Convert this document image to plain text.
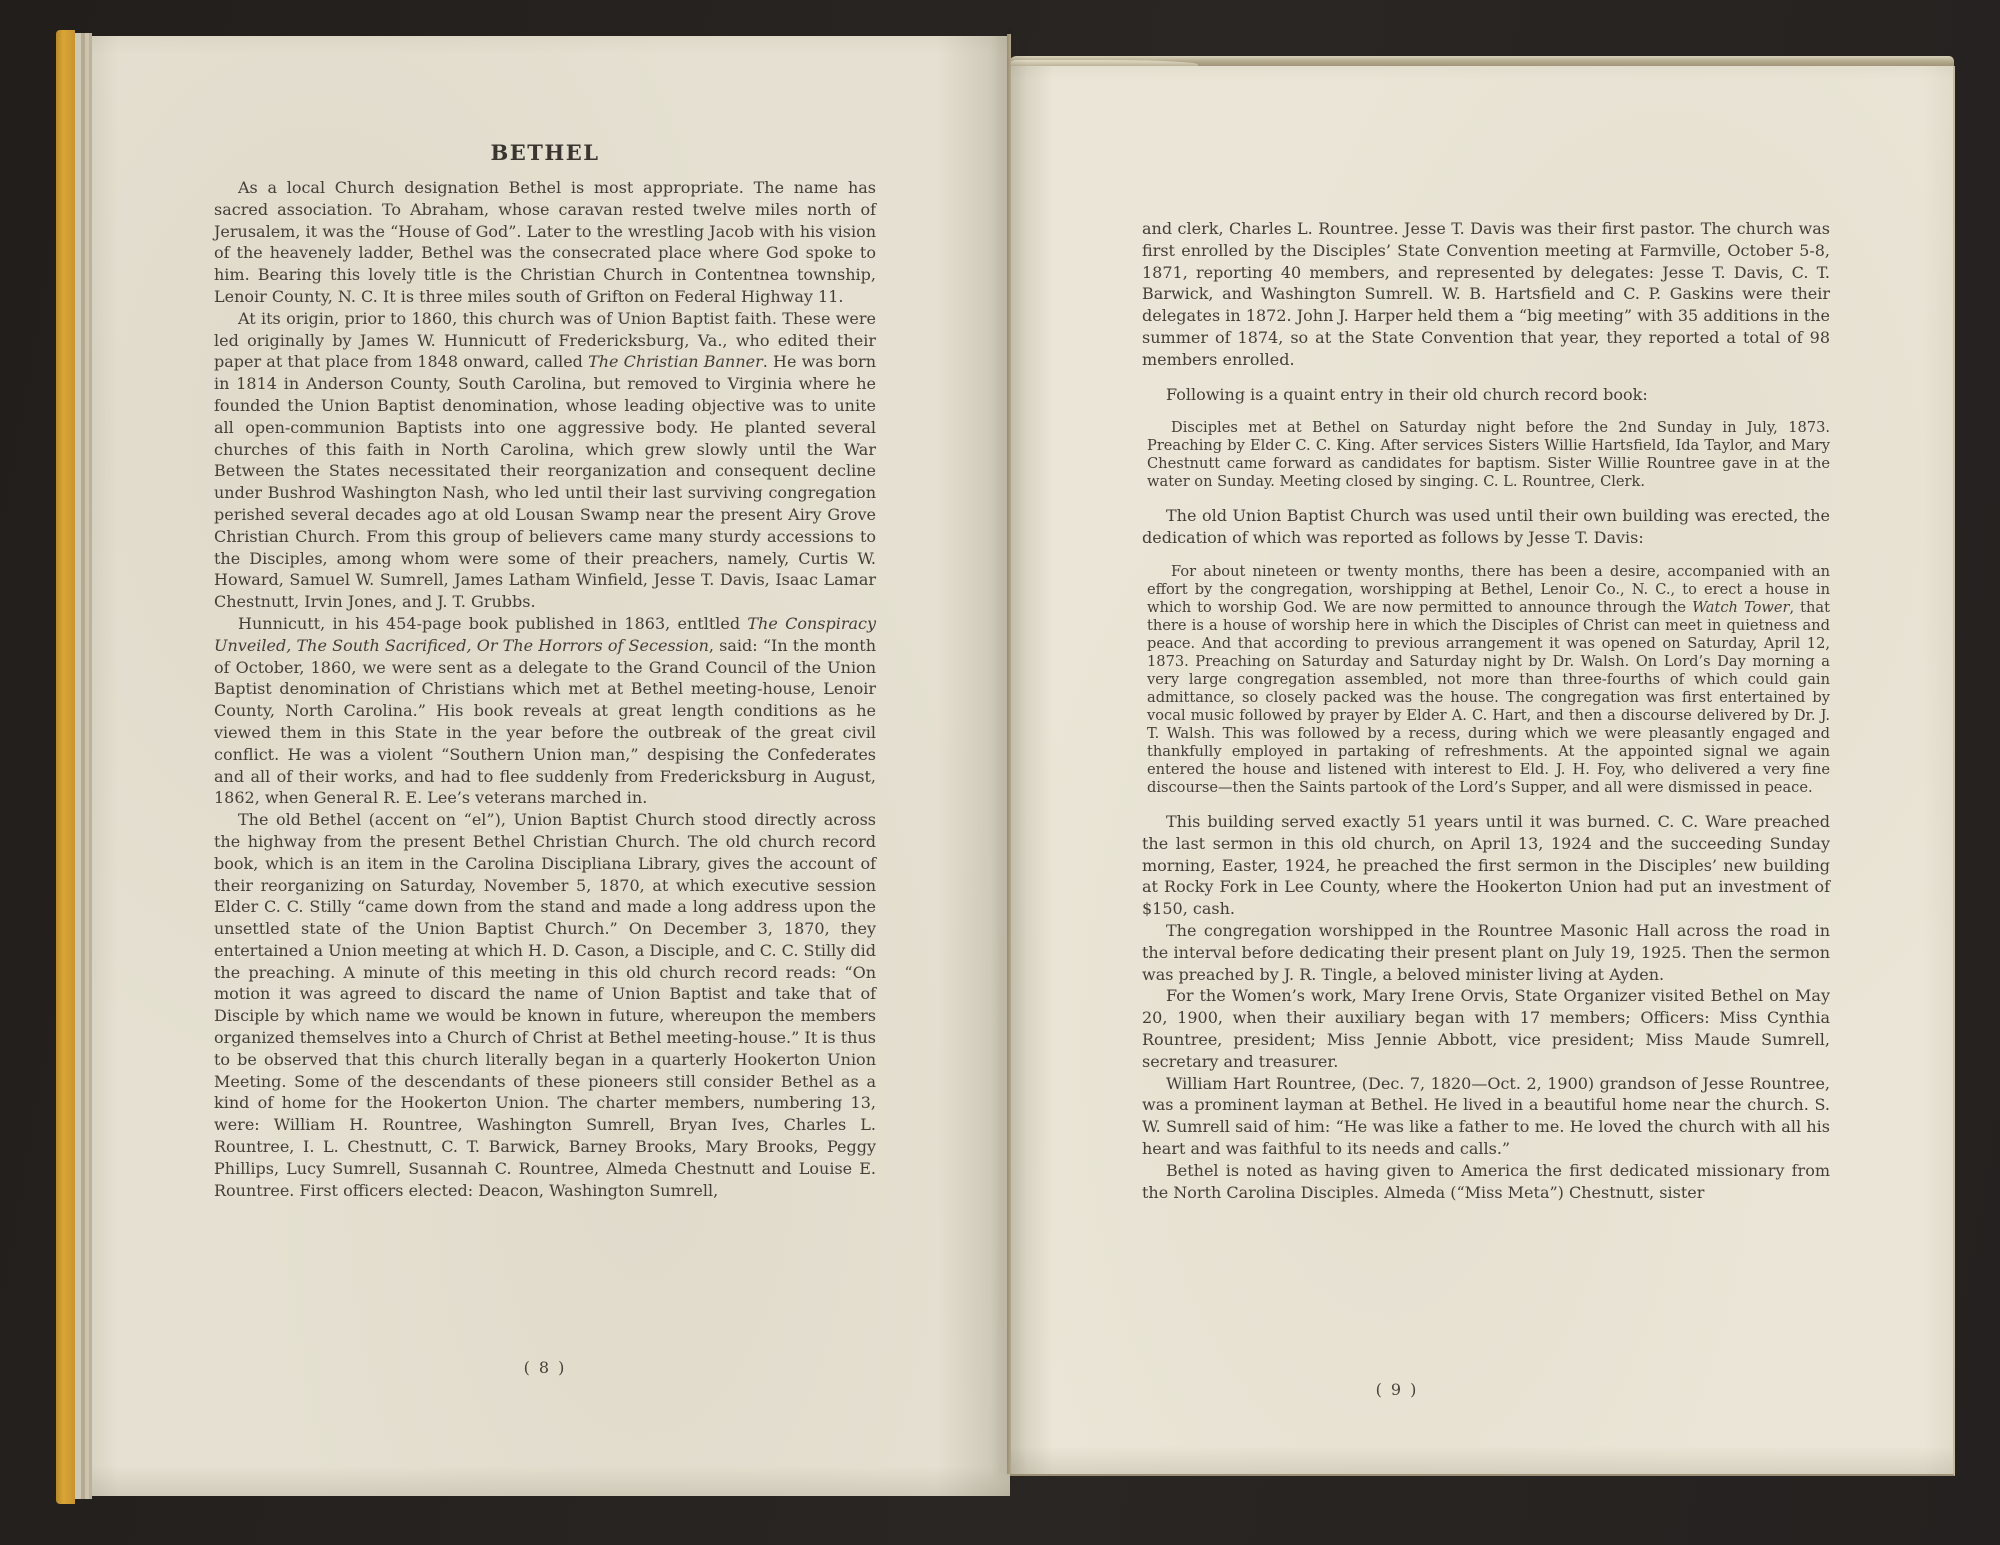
BETHEL

As a local Church designation Bethel is most appropriate. The name has sacred association. To Abraham, whose caravan rested twelve miles north of Jerusalem, it was the “House of God”. Later to the wrestling Jacob with his vision of the heavenely ladder, Bethel was the consecrated place where God spoke to him. Bearing this lovely title is the Christian Church in Contentnea township, Lenoir County, N. C. It is three miles south of Grifton on Federal Highway 11.

At its origin, prior to 1860, this church was of Union Baptist faith. These were led originally by James W. Hunnicutt of Fredericksburg, Va., who edited their paper at that place from 1848 onward, called The Christian Banner. He was born in 1814 in Anderson County, South Carolina, but removed to Virginia where he founded the Union Baptist denomination, whose leading objective was to unite all open-communion Baptists into one aggressive body. He planted several churches of this faith in North Carolina, which grew slowly until the War Between the States necessitated their reorganization and consequent decline under Bushrod Washington Nash, who led until their last surviving congregation perished several decades ago at old Lousan Swamp near the present Airy Grove Christian Church. From this group of believers came many sturdy accessions to the Disciples, among whom were some of their preachers, namely, Curtis W. Howard, Samuel W. Sumrell, James Latham Winfield, Jesse T. Davis, Isaac Lamar Chestnutt, Irvin Jones, and J. T. Grubbs.

Hunnicutt, in his 454-page book published in 1863, entltled The Conspiracy Unveiled, The South Sacrificed, Or The Horrors of Secession, said: “In the month of October, 1860, we were sent as a delegate to the Grand Council of the Union Baptist denomination of Christians which met at Bethel meeting-house, Lenoir County, North Carolina.” His book reveals at great length conditions as he viewed them in this State in the year before the outbreak of the great civil conflict. He was a violent “Southern Union man,” despising the Confederates and all of their works, and had to flee suddenly from Fredericksburg in August, 1862, when General R. E. Lee’s veterans marched in.

The old Bethel (accent on “el”), Union Baptist Church stood directly across the highway from the present Bethel Christian Church. The old church record book, which is an item in the Carolina Discipliana Library, gives the account of their reorganizing on Saturday, November 5, 1870, at which executive session Elder C. C. Stilly “came down from the stand and made a long address upon the unsettled state of the Union Baptist Church.” On December 3, 1870, they entertained a Union meeting at which H. D. Cason, a Disciple, and C. C. Stilly did the preaching. A minute of this meeting in this old church record reads: “On motion it was agreed to discard the name of Union Baptist and take that of Disciple by which name we would be known in future, whereupon the members organized themselves into a Church of Christ at Bethel meeting-house.” It is thus to be observed that this church literally began in a quarterly Hookerton Union Meeting. Some of the descendants of these pioneers still consider Bethel as a kind of home for the Hookerton Union. The charter members, numbering 13, were: William H. Rountree, Washington Sumrell, Bryan Ives, Charles L. Rountree, I. L. Chestnutt, C. T. Barwick, Barney Brooks, Mary Brooks, Peggy Phillips, Lucy Sumrell, Susannah C. Rountree, Almeda Chestnutt and Louise E. Rountree. First officers elected: Deacon, Washington Sumrell,

( 8 )

and clerk, Charles L. Rountree. Jesse T. Davis was their first pastor. The church was first enrolled by the Disciples’ State Convention meeting at Farmville, October 5-8, 1871, reporting 40 members, and represented by delegates: Jesse T. Davis, C. T. Barwick, and Washington Sumrell. W. B. Hartsfield and C. P. Gaskins were their delegates in 1872. John J. Harper held them a “big meeting” with 35 additions in the summer of 1874, so at the State Convention that year, they reported a total of 98 members enrolled.

Following is a quaint entry in their old church record book:

Disciples met at Bethel on Saturday night before the 2nd Sunday in July, 1873. Preaching by Elder C. C. King. After services Sisters Willie Hartsfield, Ida Taylor, and Mary Chestnutt came forward as candidates for baptism. Sister Willie Rountree gave in at the water on Sunday. Meeting closed by singing. C. L. Rountree, Clerk.

The old Union Baptist Church was used until their own building was erected, the dedication of which was reported as follows by Jesse T. Davis:

For about nineteen or twenty months, there has been a desire, accompanied with an effort by the congregation, worshipping at Bethel, Lenoir Co., N. C., to erect a house in which to worship God. We are now permitted to announce through the Watch Tower, that there is a house of worship here in which the Disciples of Christ can meet in quietness and peace. And that according to previous arrangement it was opened on Saturday, April 12, 1873. Preaching on Saturday and Saturday night by Dr. Walsh. On Lord’s Day morning a very large congregation assembled, not more than three-fourths of which could gain admittance, so closely packed was the house. The congregation was first entertained by vocal music followed by prayer by Elder A. C. Hart, and then a discourse delivered by Dr. J. T. Walsh. This was followed by a recess, during which we were pleasantly engaged and thankfully employed in partaking of refreshments. At the appointed signal we again entered the house and listened with interest to Eld. J. H. Foy, who delivered a very fine discourse—then the Saints partook of the Lord’s Supper, and all were dismissed in peace.

This building served exactly 51 years until it was burned. C. C. Ware preached the last sermon in this old church, on April 13, 1924 and the succeeding Sunday morning, Easter, 1924, he preached the first sermon in the Disciples’ new building at Rocky Fork in Lee County, where the Hookerton Union had put an investment of $150, cash.

The congregation worshipped in the Rountree Masonic Hall across the road in the interval before dedicating their present plant on July 19, 1925. Then the sermon was preached by J. R. Tingle, a beloved minister living at Ayden.

For the Women’s work, Mary Irene Orvis, State Organizer visited Bethel on May 20, 1900, when their auxiliary began with 17 members; Officers: Miss Cynthia Rountree, president; Miss Jennie Abbott, vice president; Miss Maude Sumrell, secretary and treasurer.

William Hart Rountree, (Dec. 7, 1820—Oct. 2, 1900) grandson of Jesse Rountree, was a prominent layman at Bethel. He lived in a beautiful home near the church. S. W. Sumrell said of him: “He was like a father to me. He loved the church with all his heart and was faithful to its needs and calls.”

Bethel is noted as having given to America the first dedicated missionary from the North Carolina Disciples. Almeda (“Miss Meta”) Chestnutt, sister

( 9 )
